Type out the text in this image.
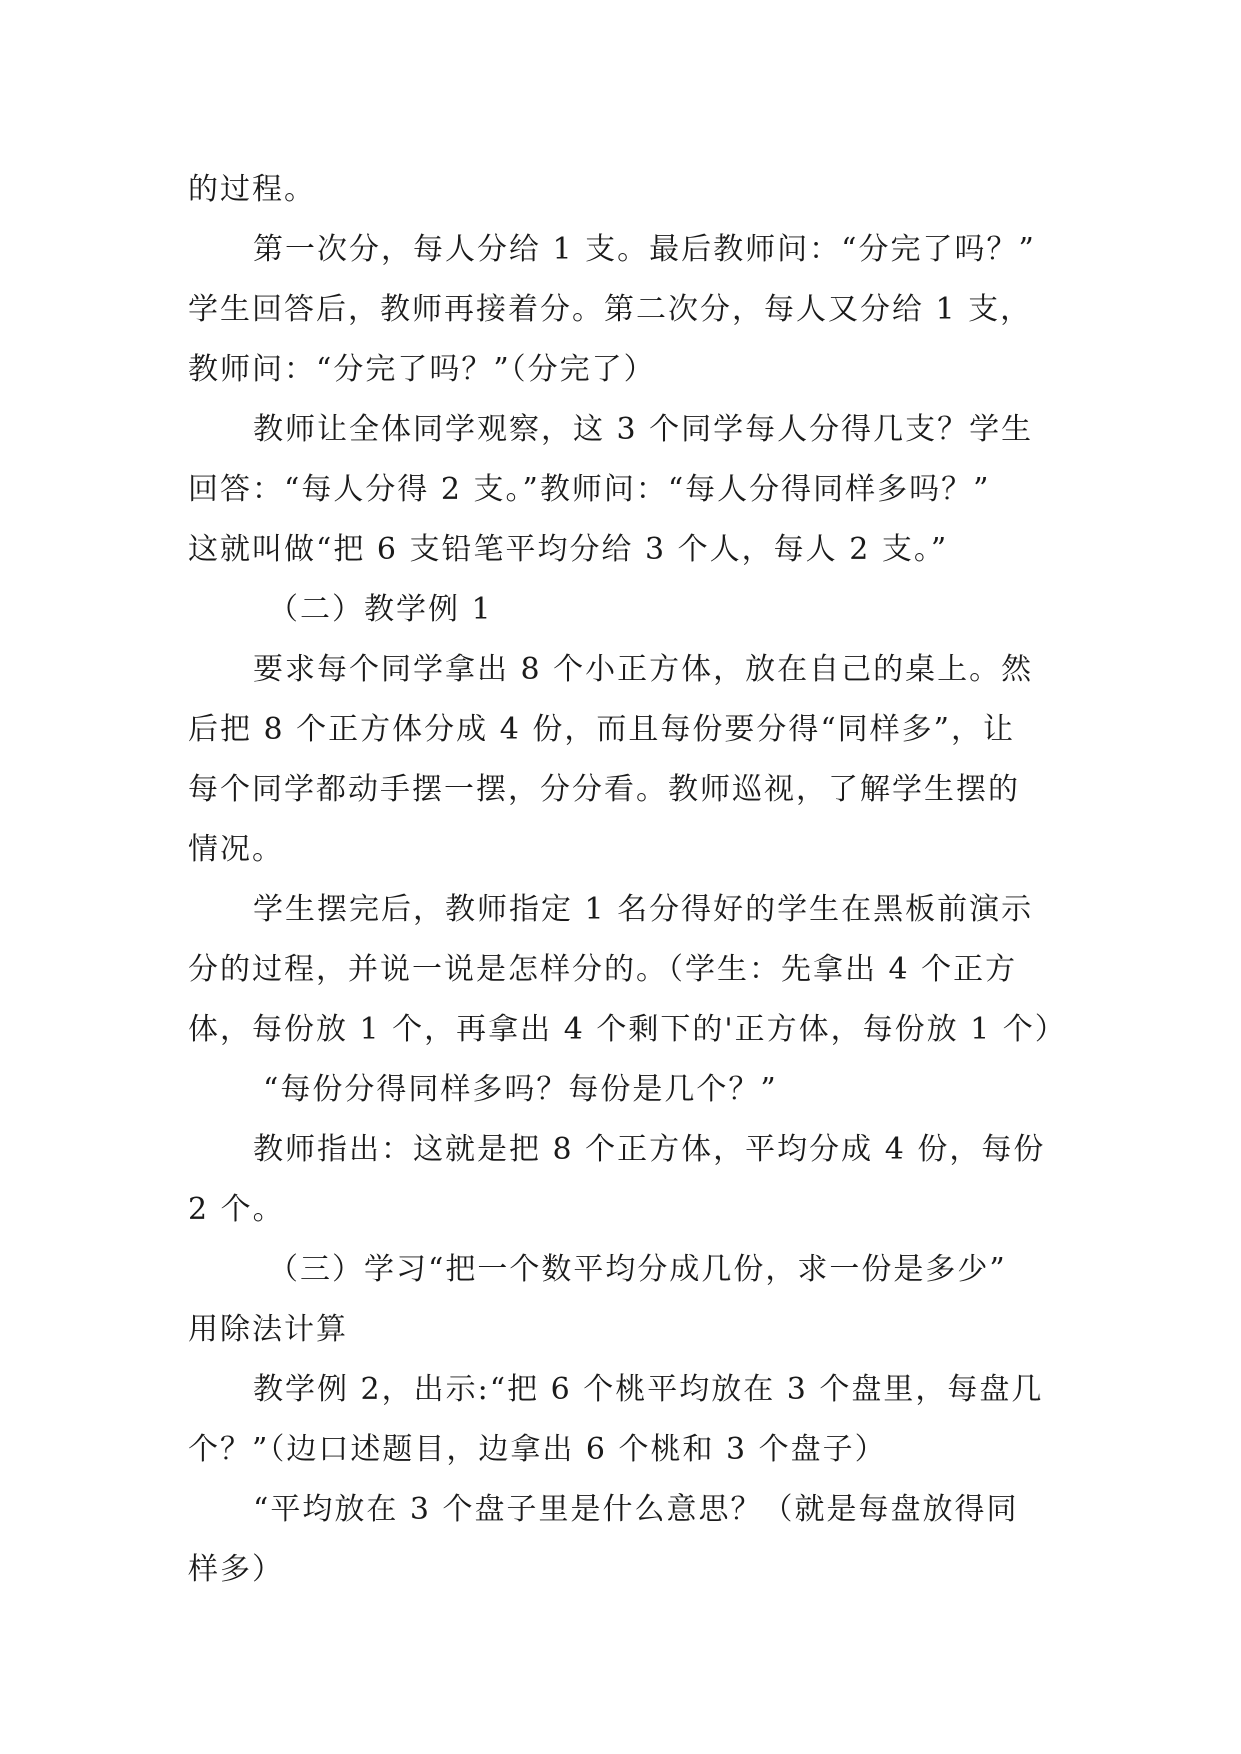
的过程。
第一次分，每人分给 1 支。最后教师问：“分完了吗？”
学生回答后，教师再接着分。第二次分，每人又分给 1 支，
教师问：“分完了吗？”（分完了）
教师让全体同学观察，这 3 个同学每人分得几支？学生
回答：“每人分得 2 支。”教师问：“每人分得同样多吗？”
这就叫做“把 6 支铅笔平均分给 3 个人，每人 2 支。”
（二）教学例 1
要求每个同学拿出 8 个小正方体，放在自己的桌上。然
后把 8 个正方体分成 4 份，而且每份要分得“同样多”，让
每个同学都动手摆一摆，分分看。教师巡视，了解学生摆的
情况。
学生摆完后，教师指定 1 名分得好的学生在黑板前演示
分的过程，并说一说是怎样分的。（学生：先拿出 4 个正方
体，每份放 1 个，再拿出 4 个剩下的'正方体，每份放 1 个）
“每份分得同样多吗？每份是几个？”
教师指出：这就是把 8 个正方体，平均分成 4 份，每份
2 个。
（三）学习“把一个数平均分成几份，求一份是多少”
用除法计算
教学例 2，出示:“把 6 个桃平均放在 3 个盘里，每盘几
个？”（边口述题目，边拿出 6 个桃和 3 个盘子）
“平均放在 3 个盘子里是什么意思？（就是每盘放得同
样多）
